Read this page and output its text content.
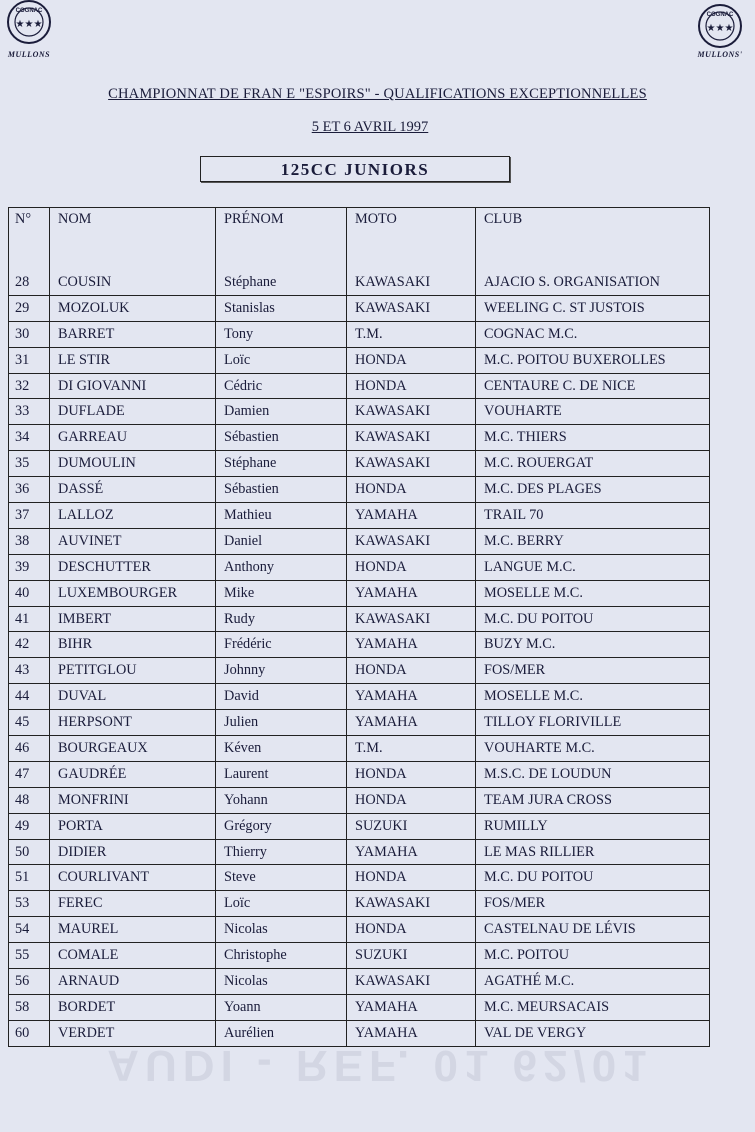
COGNAC
★★★
MULLONS
COGNAC
★★★
MULLONS'
CHAMPIONNAT DE FRAN E "ESPOIRS" - QUALIFICATIONS EXCEPTIONNELLES
5 ET 6 AVRIL 1997
125CC JUNIORS
N°	NOM	PRÉNOM	MOTO	CLUB
28	COUSIN	Stéphane	KAWASAKI	AJACIO S. ORGANISATION
29	MOZOLUK	Stanislas	KAWASAKI	WEELING C. ST JUSTOIS
30	BARRET	Tony	T.M.	COGNAC M.C.
31	LE STIR	Loïc	HONDA	M.C. POITOU BUXEROLLES
32	DI GIOVANNI	Cédric	HONDA	CENTAURE C. DE NICE
33	DUFLADE	Damien	KAWASAKI	VOUHARTE
34	GARREAU	Sébastien	KAWASAKI	M.C. THIERS
35	DUMOULIN	Stéphane	KAWASAKI	M.C. ROUERGAT
36	DASSÉ	Sébastien	HONDA	M.C. DES PLAGES
37	LALLOZ	Mathieu	YAMAHA	TRAIL 70
38	AUVINET	Daniel	KAWASAKI	M.C. BERRY
39	DESCHUTTER	Anthony	HONDA	LANGUE M.C.
40	LUXEMBOURGER	Mike	YAMAHA	MOSELLE M.C.
41	IMBERT	Rudy	KAWASAKI	M.C. DU POITOU
42	BIHR	Frédéric	YAMAHA	BUZY M.C.
43	PETITGLOU	Johnny	HONDA	FOS/MER
44	DUVAL	David	YAMAHA	MOSELLE M.C.
45	HERPSONT	Julien	YAMAHA	TILLOY FLORIVILLE
46	BOURGEAUX	Kéven	T.M.	VOUHARTE M.C.
47	GAUDRÉE	Laurent	HONDA	M.S.C. DE LOUDUN
48	MONFRINI	Yohann	HONDA	TEAM JURA CROSS
49	PORTA	Grégory	SUZUKI	RUMILLY
50	DIDIER	Thierry	YAMAHA	LE MAS RILLIER
51	COURLIVANT	Steve	HONDA	M.C. DU POITOU
53	FEREC	Loïc	KAWASAKI	FOS/MER
54	MAUREL	Nicolas	HONDA	CASTELNAU DE LÉVIS
55	COMALE	Christophe	SUZUKI	M.C. POITOU
56	ARNAUD	Nicolas	KAWASAKI	AGATHÉ M.C.
58	BORDET	Yoann	YAMAHA	M.C. MEURSACAIS
60	VERDET	Aurélien	YAMAHA	VAL DE VERGY
AUDI - REF. 01 62/01
